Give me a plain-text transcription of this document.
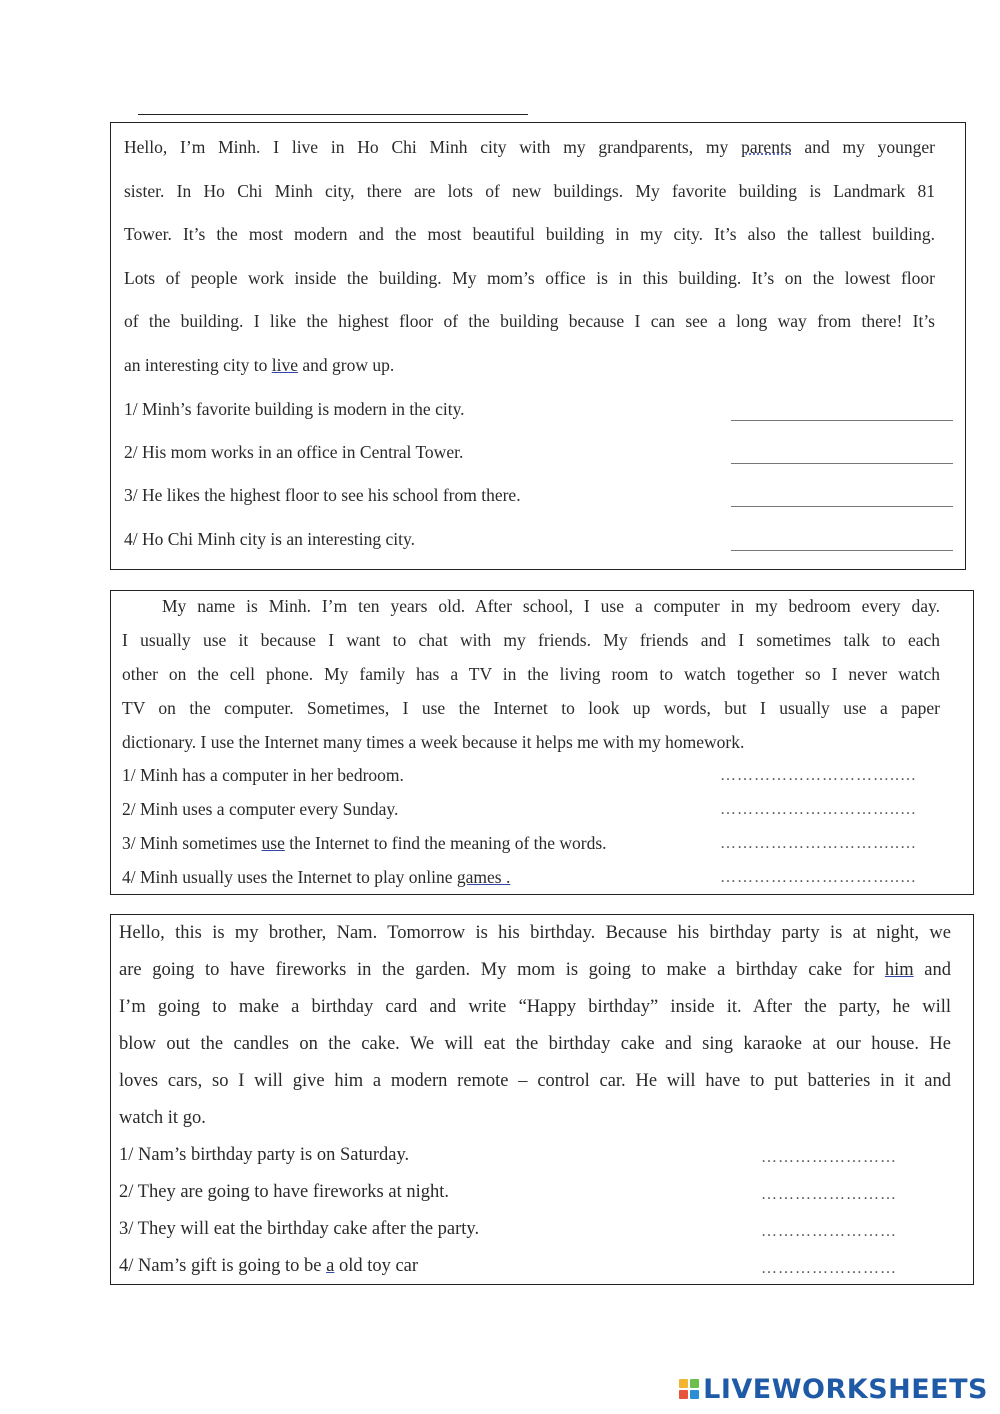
Hello, I’m Minh. I live in Ho Chi Minh city with my grandparents, my parents and my younger
sister. In Ho Chi Minh city, there are lots of new buildings. My favorite building is Landmark 81
Tower. It’s the most modern and the most beautiful building in my city. It’s also the tallest building.
Lots of people work inside the building. My mom’s office is in this building. It’s on the lowest floor
of the building. I like the highest floor of the building because I can see a long way from there! It’s
an interesting city to live and grow up.
1/ Minh’s favorite building is modern in the city.
2/ His mom works in an office in Central Tower.
3/ He likes the highest floor to see his school from there.
4/ Ho Chi Minh city is an interesting city.
My name is Minh. I’m ten years old. After school, I use a computer in my bedroom every day.
I usually use it because I want to chat with my friends. My friends and I sometimes talk to each
other on the cell phone. My family has a TV in the living room to watch together so I never watch
TV on the computer. Sometimes, I use the Internet to look up words, but I usually use a paper
dictionary. I use the Internet many times a week because it helps me with my homework.
1/ Minh has a computer in her bedroom.	…………………………..…
2/ Minh uses a computer every Sunday.	…………………………..…
3/ Minh sometimes use the Internet to find the meaning of the words.	…………………………..…
4/ Minh usually uses the Internet to play online games .	…………………………..…
Hello, this is my brother, Nam. Tomorrow is his birthday. Because his birthday party is at night, we
are going to have fireworks in the garden. My mom is going to make a birthday cake for him and
I’m going to make a birthday card and write “Happy birthday” inside it. After the party, he will
blow out the candles on the cake. We will eat the birthday cake and sing karaoke at our house. He
loves cars, so I will give him a modern remote – control car. He will have to put batteries in it and
watch it go.
1/ Nam’s birthday party is on Saturday.	……………………
2/ They are going to have fireworks at night.	……………………
3/ They will eat the birthday cake after the party.	……………………
4/ Nam’s gift is going to be a old toy car	……………………
LIVEWORKSHEETS
